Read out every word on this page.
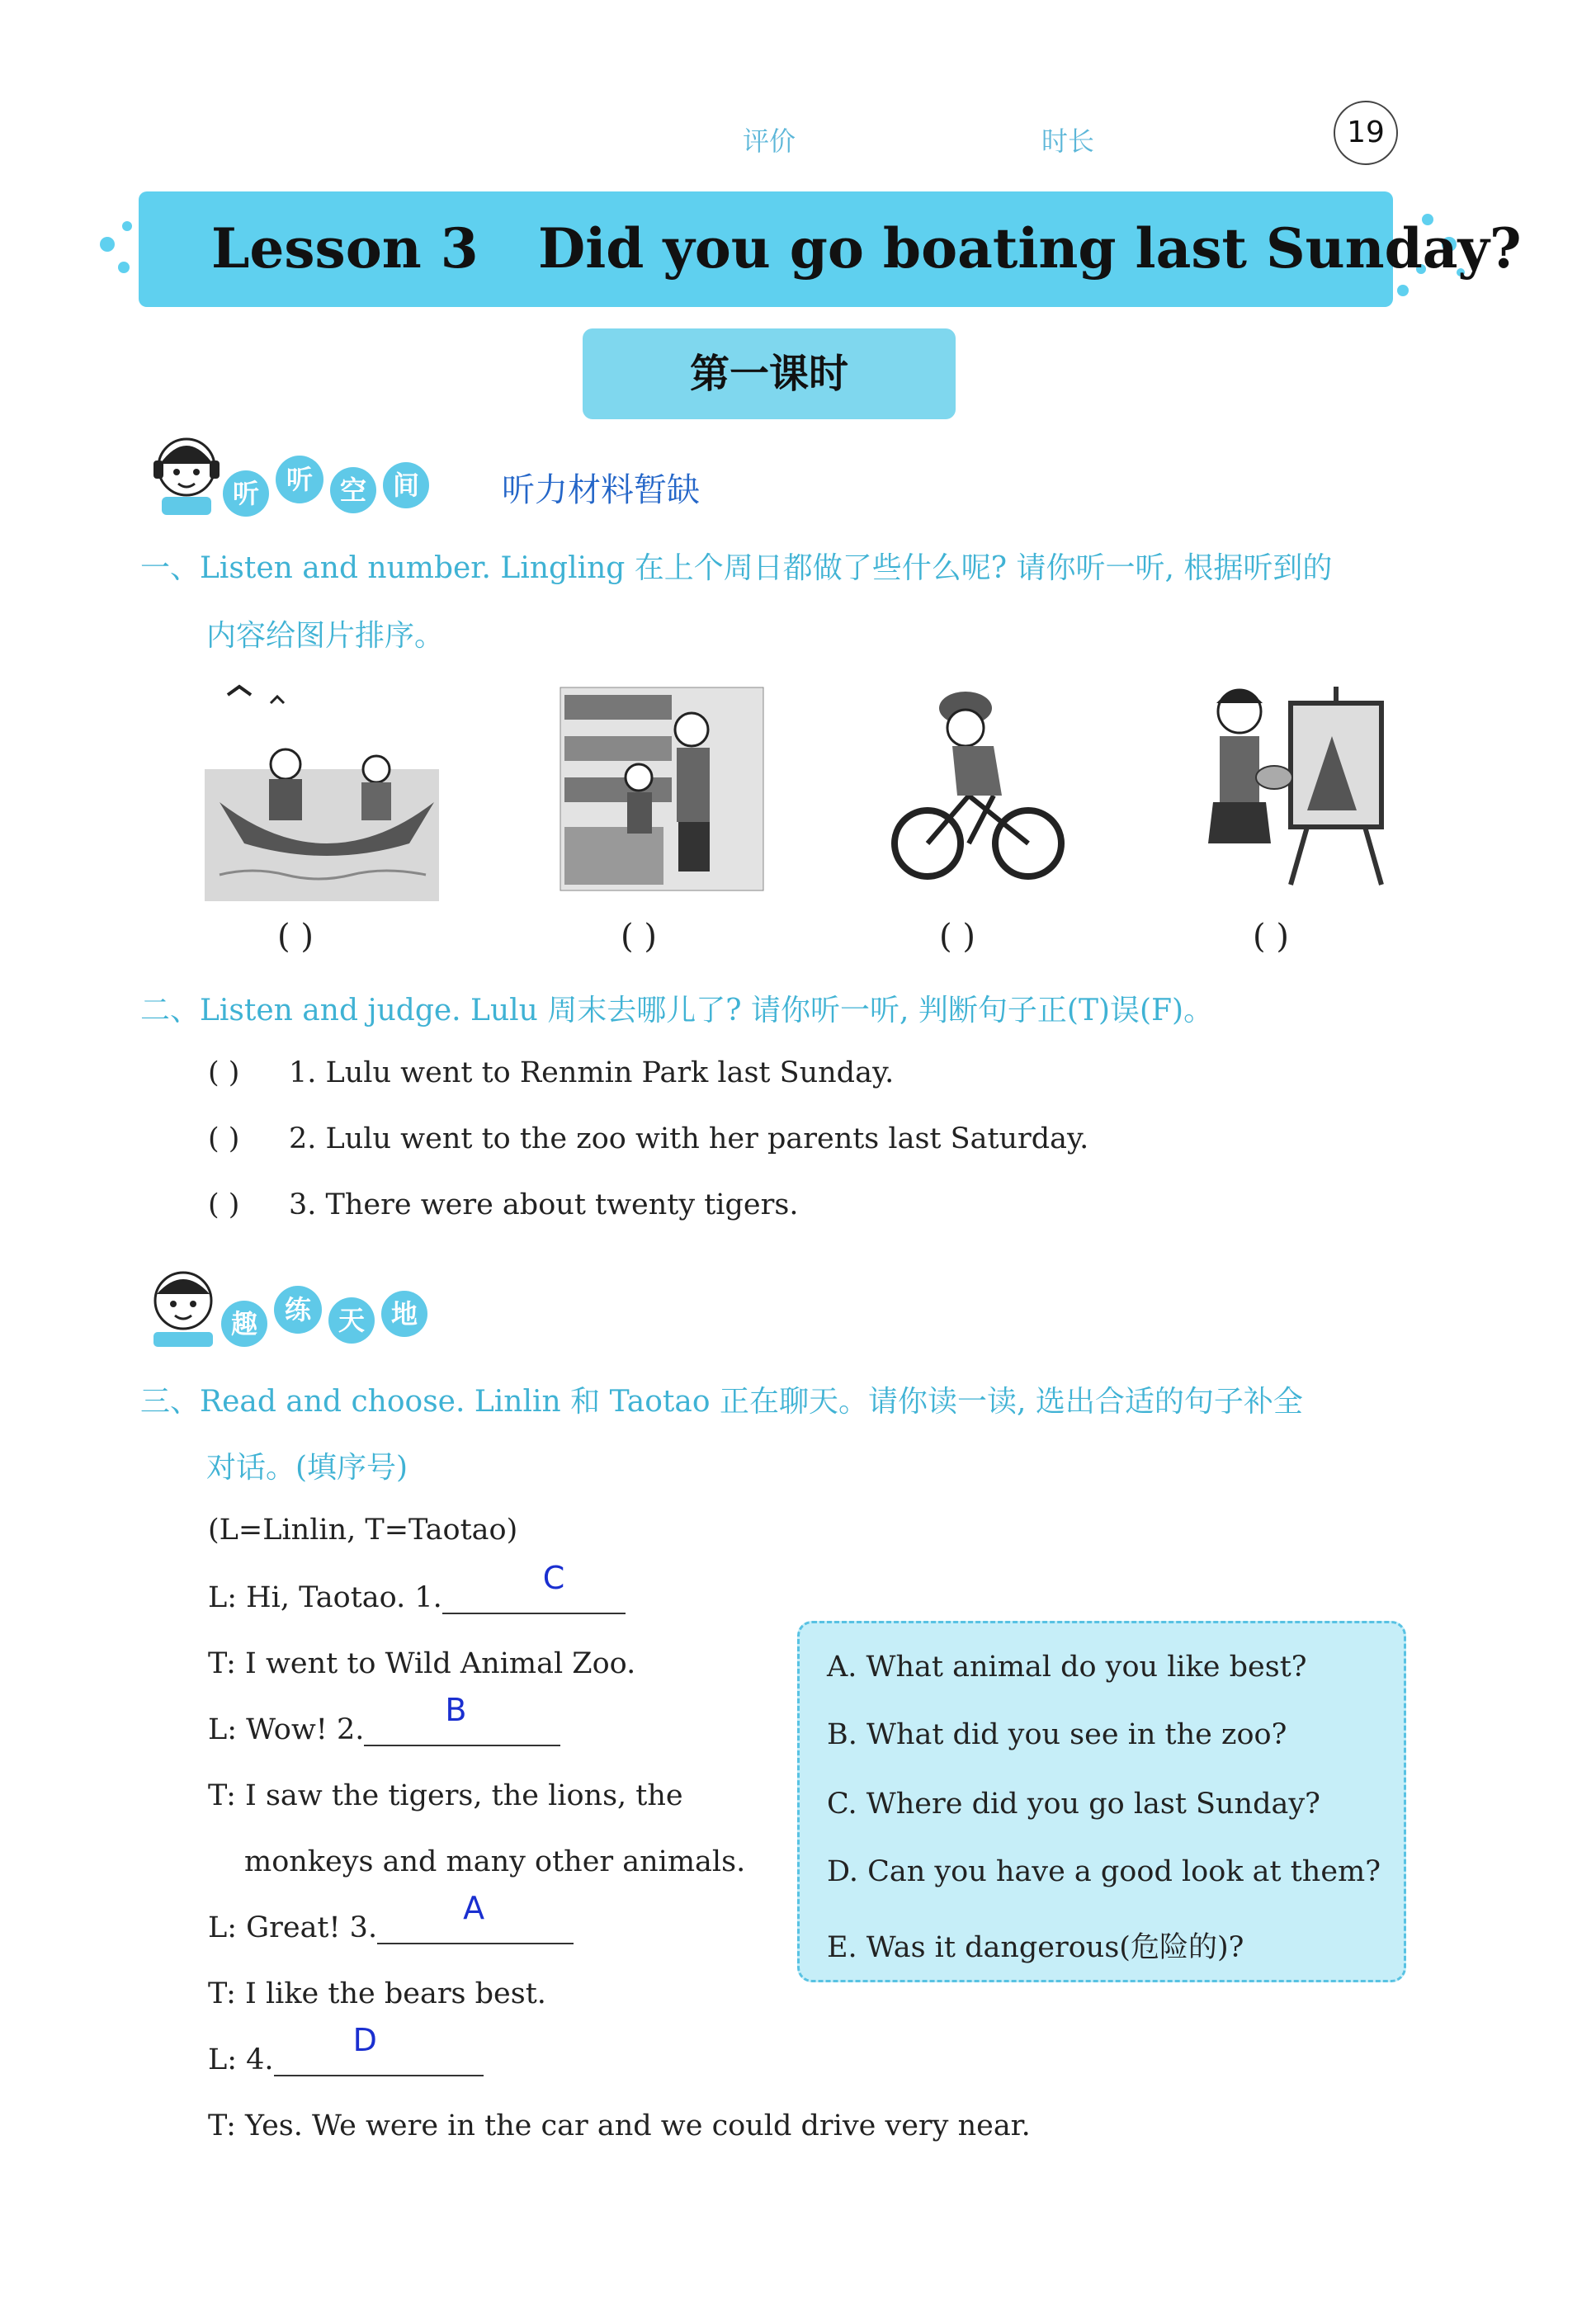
评价	时长	19
Lesson 3 Did you go boating last Sunday?
第一课时
听	听	空 间	听力材料暂缺
一、Listen and number. Lingling 在上个周日都做了些什么呢? 请你听一听, 根据听到的
内容给图片排序。
( )	( )	( )	( )
二、Listen and judge. Lulu 周末去哪儿了? 请你听一听, 判断句子正(T)误(F)。
( ) 1. Lulu went to Renmin Park last Sunday.
( ) 2. Lulu went to the zoo with her parents last Saturday.
( ) 3. There were about twenty tigers.
趣	练	天 地
三、Read and choose. Linlin 和 Taotao 正在聊天。请你读一读, 选出合适的句子补全
对话。(填序号)
(L=Linlin, T=Taotao)
L: Hi, Taotao. 1.
C
T: I went to Wild Animal Zoo.
L: Wow! 2.
B
T: I saw the tigers, the lions, the
monkeys and many other animals.
L: Great! 3.
A
T: I like the bears best.
L: 4.
D
T: Yes. We were in the car and we could drive very near.
A. What animal do you like best?
B. What did you see in the zoo?
C. Where did you go last Sunday?
D. Can you have a good look at them?
E. Was it dangerous(危险的)?
